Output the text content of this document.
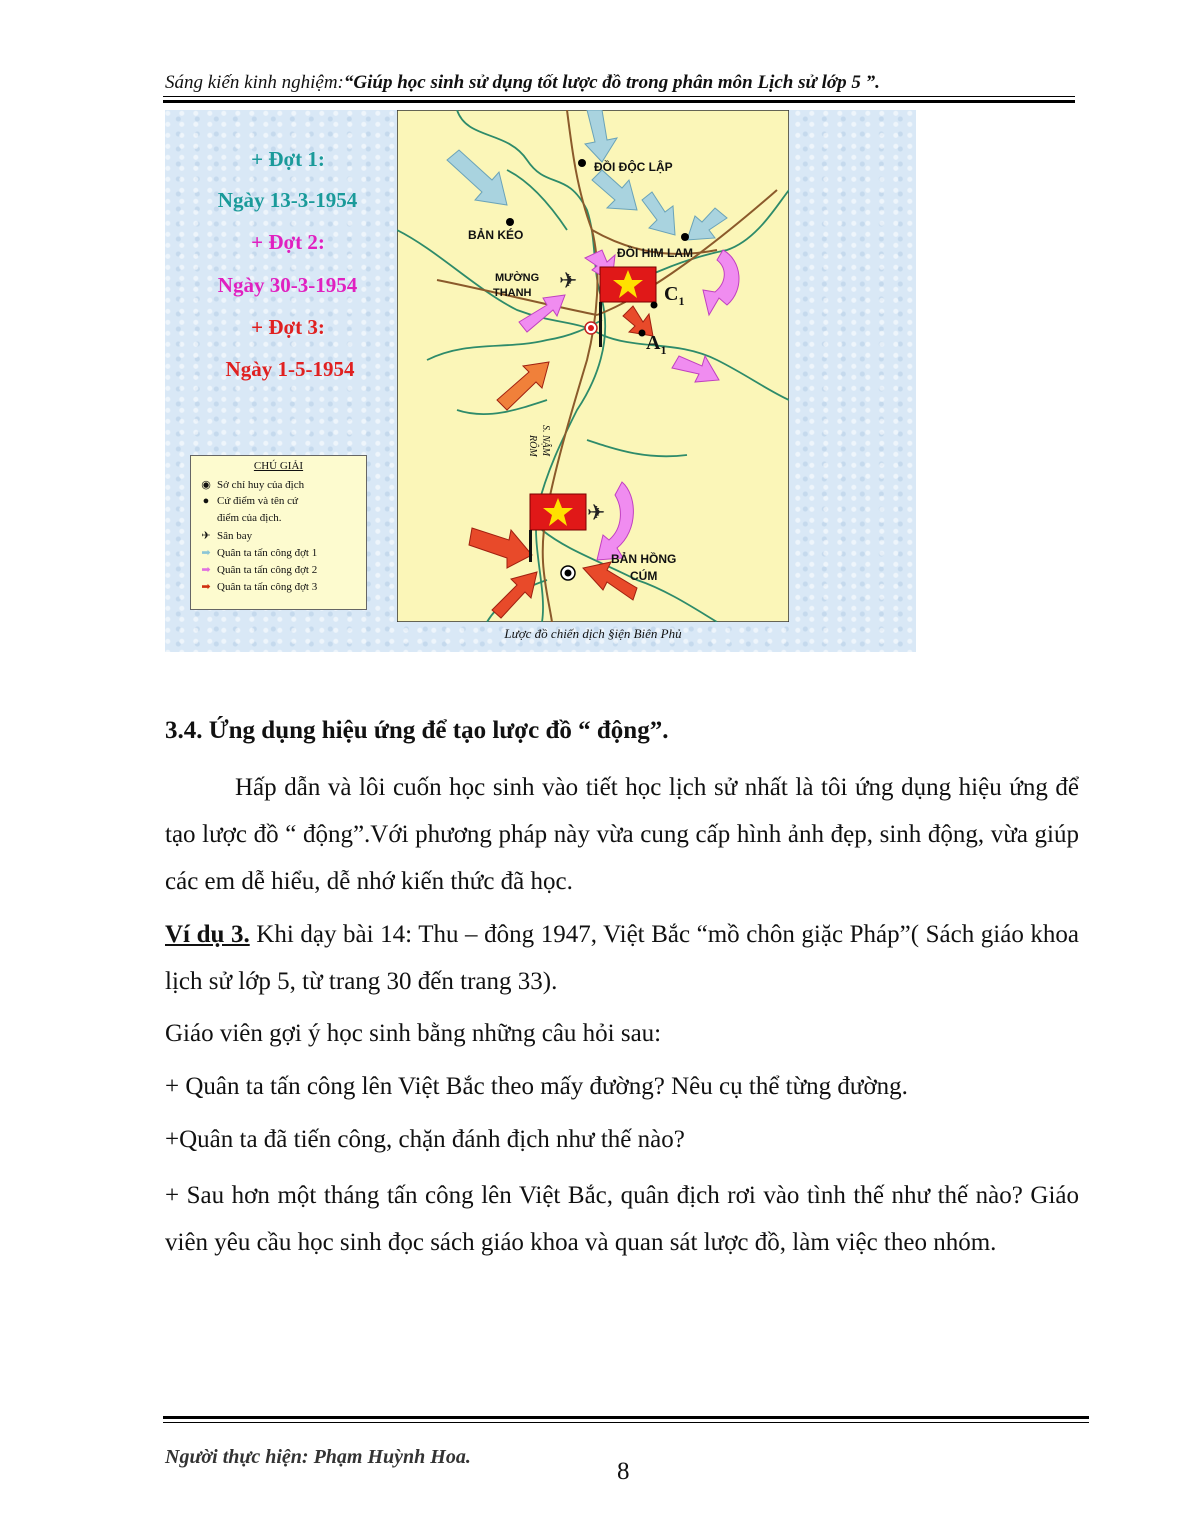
Sáng kiến kinh nghiệm:“Giúp học sinh sử dụng tốt lược đồ trong phân môn Lịch sử lớp 5 ”.
+ Đợt 1:
Ngày 13-3-1954
+ Đợt 2:
Ngày 30-3-1954
+ Đợt 3:
Ngày 1-5-1954
CHÚ GIẢI
◉ Sở chỉ huy của địch
● Cứ điểm và tên cứ
điểm của địch.
✈ Sân bay
➡ Quân ta tấn công đợt 1
➡ Quân ta tấn công đợt 2
➡ Quân ta tấn công đợt 3
✈
✈
ĐỒI ĐỘC LẬP
BẢN KÉO
ĐỒI HIM LAM
MƯỜNG
THANH	$C_1$
$A_1$
S. NẬM
RÔM
BẢN HỒNG
CÚM
Lược đồ chiến dịch §iện Biên Phủ
3.4. Ứng dụng hiệu ứng để tạo lược đồ “ động”.
Hấp dẫn và lôi cuốn học sinh vào tiết học lịch sử nhất là tôi ứng dụng hiệu ứng để tạo lược đồ “ động”.Với phương pháp này vừa cung cấp hình ảnh đẹp, sinh động, vừa giúp các em dễ hiểu, dễ nhớ kiến thức đã học.
Ví dụ 3. Khi dạy bài 14: Thu – đông 1947, Việt Bắc “mồ chôn giặc Pháp”( Sách giáo khoa lịch sử lớp 5, từ trang 30 đến trang 33).
Giáo viên gợi ý học sinh bằng những câu hỏi sau:
+ Quân ta tấn công lên Việt Bắc theo mấy đường? Nêu cụ thể từng đường.
+Quân ta đã tiến công, chặn đánh địch như thế nào?
+ Sau hơn một tháng tấn công lên Việt Bắc, quân địch rơi vào tình thế như thế nào? Giáo viên yêu cầu học sinh đọc sách giáo khoa và quan sát lược đồ, làm việc theo nhóm.
Người thực hiện: Phạm Huỳnh Hoa.
8
